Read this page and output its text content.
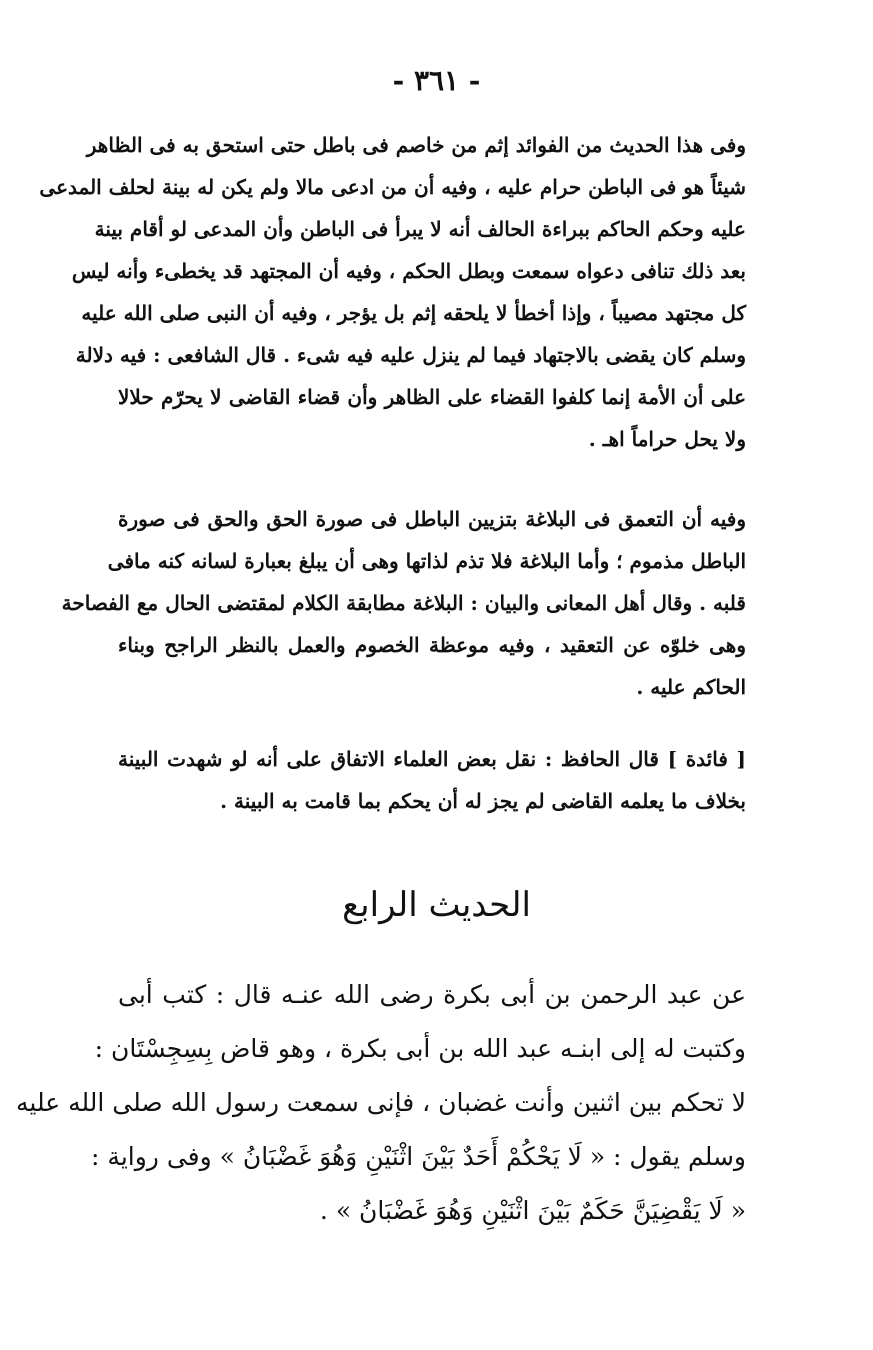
- ٣٦١ -
وفى هذا الحديث من الفوائد إثم من خاصم فى باطل حتى استحق به فى الظاهر
شيئاً هو فى الباطن حرام عليه ، وفيه أن من ادعى مالا ولم يكن له بينة لحلف المدعى
عليه وحكم الحاكم ببراءة الحالف أنه لا يبرأ فى الباطن وأن المدعى لو أقام بينة
بعد ذلك تنافى دعواه سمعت وبطل الحكم ، وفيه أن المجتهد قد يخطىء وأنه ليس
كل مجتهد مصيباً ، وإذا أخطأ لا يلحقه إثم بل يؤجر ، وفيه أن النبى صلى الله عليه
وسلم كان يقضى بالاجتهاد فيما لم ينزل عليه فيه شىء . قال الشافعى : فيه دلالة
على أن الأمة إنما كلفوا القضاء على الظاهر وأن قضاء القاضى لا يحرّم حلالا
ولا يحل حراماً اهـ .
وفيه أن التعمق فى البلاغة بتزيين الباطل فى صورة الحق والحق فى صورة
الباطل مذموم ؛ وأما البلاغة فلا تذم لذاتها وهى أن يبلغ بعبارة لسانه كنه مافى
قلبه . وقال أهل المعانى والبيان : البلاغة مطابقة الكلام لمقتضى الحال مع الفصاحة
وهى خلوّه عن التعقيد ، وفيه موعظة الخصوم والعمل بالنظر الراجح وبناء
الحاكم عليه .
[ فائدة ] قال الحافظ : نقل بعض العلماء الاتفاق على أنه لو شهدت البينة
بخلاف ما يعلمه القاضى لم يجز له أن يحكم بما قامت به البينة .
الحديث الرابع
عن عبد الرحمن بن أبى بكرة رضى الله عنـه قال : كتب أبى
وكتبت له إلى ابنـه عبد الله بن أبى بكرة ، وهو قاض بِسِجِسْتَان :
لا تحكم بين اثنين وأنت غضبان ، فإنى سمعت رسول الله صلى الله عليه
وسلم يقول : « لَا يَحْكُمْ أَحَدٌ بَيْنَ اثْنَيْنِ وَهُوَ غَضْبَانُ » وفى رواية :
« لَا يَقْضِيَنَّ حَكَمٌ بَيْنَ اثْنَيْنِ وَهُوَ غَضْبَانُ » .
